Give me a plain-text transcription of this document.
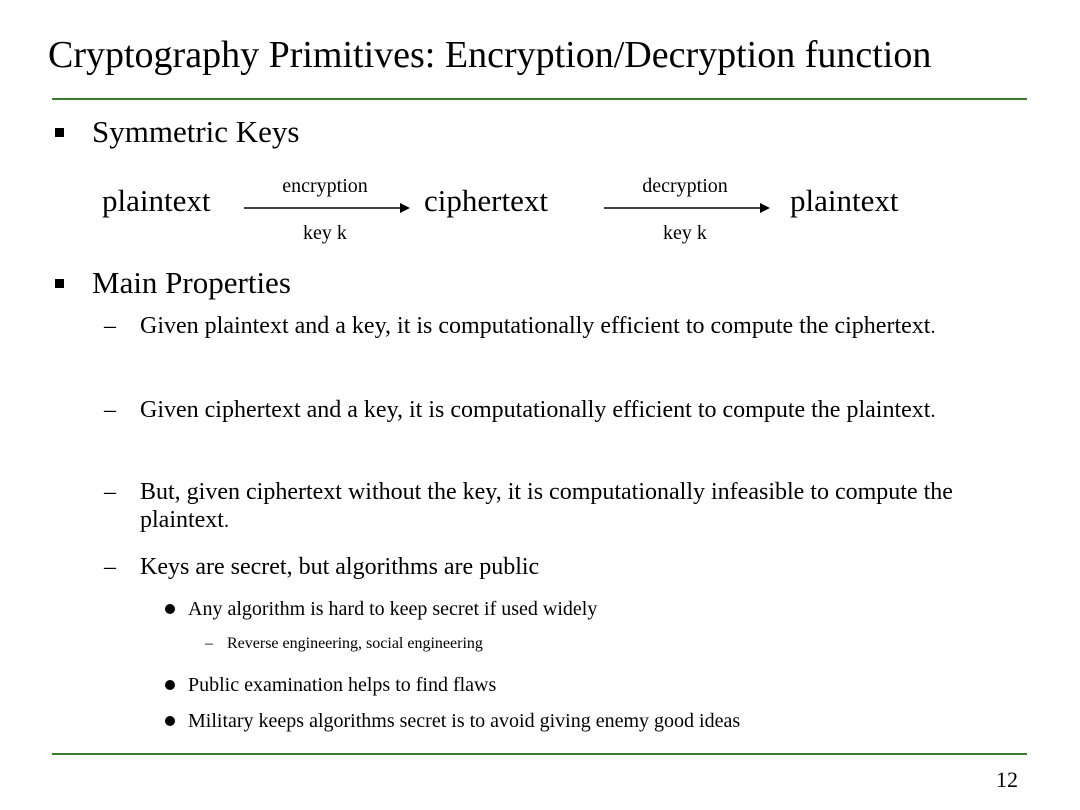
Cryptography Primitives: Encryption/Decryption function
Symmetric Keys
plaintext	encryption
key k
ciphertext	decryption
key k
plaintext
Main Properties
– Given plaintext and a key, it is computationally efficient to compute the ciphertext.
– Given ciphertext and a key, it is computationally efficient to compute the plaintext.
– But, given ciphertext without the key, it is computationally infeasible to compute the plaintext.
– Keys are secret, but algorithms are public
Any algorithm is hard to keep secret if used widely
– Reverse engineering, social engineering
Public examination helps to find flaws
Military keeps algorithms secret is to avoid giving enemy good ideas
12
